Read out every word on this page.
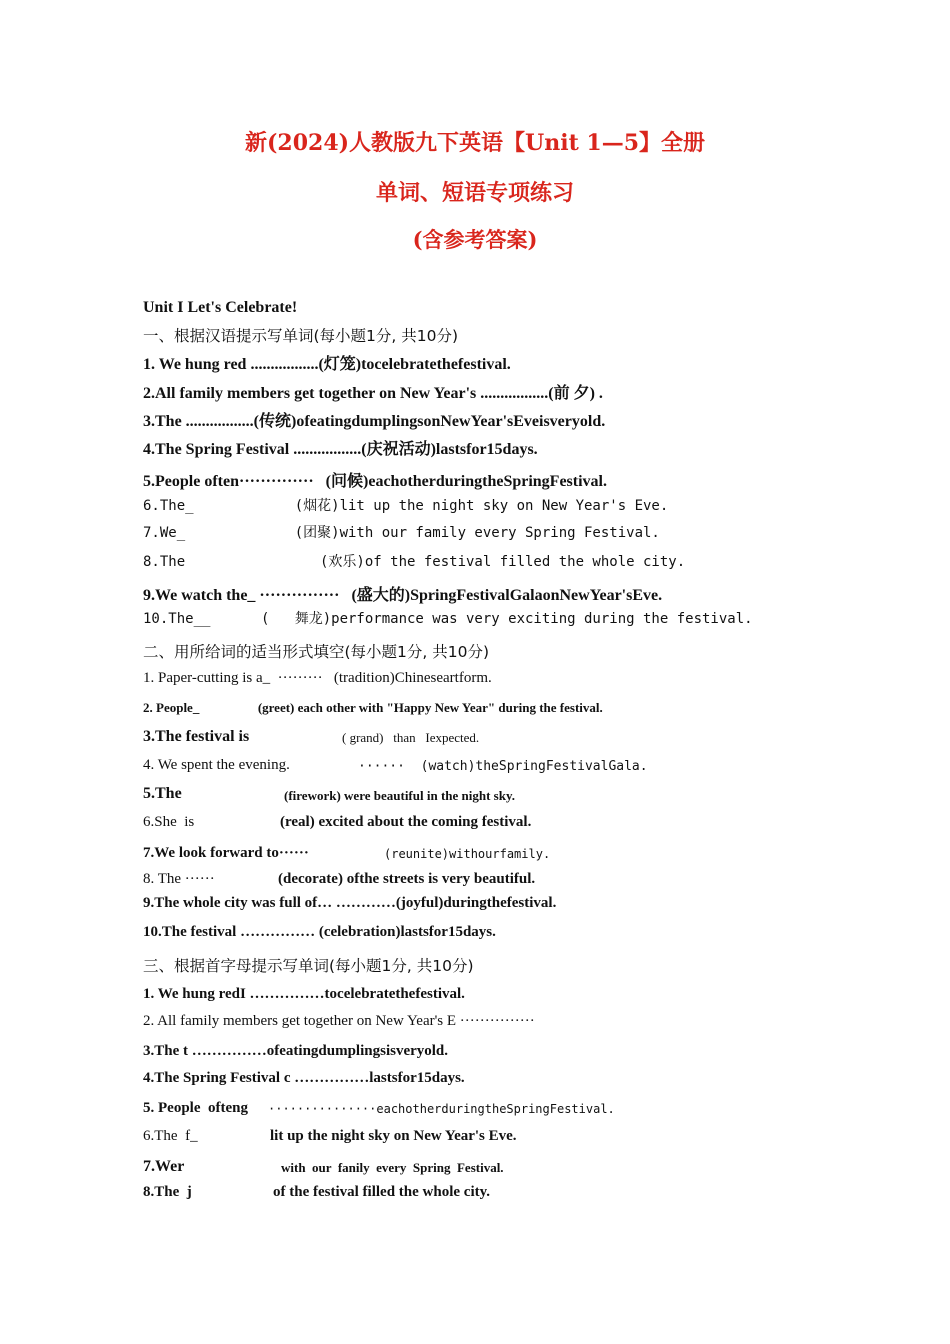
新(2024)人教版九下英语【Unit 1—5】全册
单词、短语专项练习
(含参考答案)
Unit I Let's Celebrate!
一、根据汉语提示写单词(每小题1分, 共10分)
1. We hung red .................(灯笼)tocelebratethefestival.
2.All family members get together on New Year's .................(前 夕) .
3.The .................(传统)ofeatingdumplingsonNewYear'sEveisveryold.
4.The Spring Festival .................(庆祝活动)lastsfor15days.
5.People often··············   (问候)eachotherduringtheSpringFestival.
6.The_            (烟花)lit up the night sky on New Year's Eve.
7.We_             (团聚)with our family every Spring Festival.
8.The                (欢乐)of the festival filled the whole city.
9.We watch the_ ···············   (盛大的)SpringFestivalGalaonNewYear'sEve.
10.The__      (   舞龙)performance was very exciting during the festival.
二、用所给词的适当形式填空(每小题1分, 共10分)
1. Paper-cutting is a_  ·········   (tradition)Chineseartform.
2. People_                  (greet) each other with "Happy New Year" during the festival.
3.The festival is	( grand)   than   Iexpected.
4. We spent the evening.	······  (watch)theSpringFestivalGala.
5.The	(firework) were beautiful in the night sky.
6.She  is	(real) excited about the coming festival.
7.We look forward to······	(reunite)withourfamily.
8. The ······	(decorate) ofthe streets is very beautiful.
9.The whole city was full of… …………(joyful)duringthefestival.
10.The festival …………… (celebration)lastsfor15days.
三、根据首字母提示写单词(每小题1分, 共10分)
1. We hung redI ……………tocelebratethefestival.
2. All family members get together on New Year's E ···············
3.The t ……………ofeatingdumplingsisveryold.
4.The Spring Festival c ……………lastsfor15days.
5. People  ofteng ···············eachotherduringtheSpringFestival.
6.The  f_	lit up the night sky on New Year's Eve.
7.Wer	with  our  fanily  every  Spring  Festival.
8.The  j	of the festival filled the whole city.
